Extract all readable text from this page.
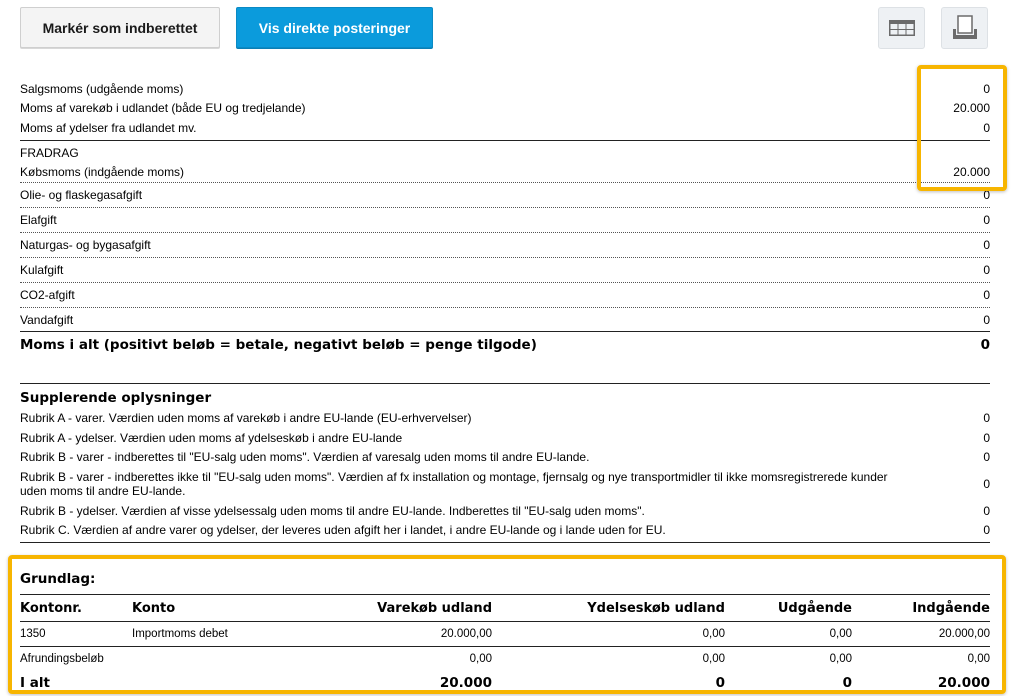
Markér som indberettet	Vis direkte posteringer
Salgsmoms (udgående moms)	0
Moms af varekøb i udlandet (både EU og tredjelande)	20.000
Moms af ydelser fra udlandet mv.	0
FRADRAG
Købsmoms (indgående moms)	20.000
Olie- og flaskegasafgift	0
Elafgift	0
Naturgas- og bygasafgift	0
Kulafgift	0
CO2-afgift	0
Vandafgift	0
Moms i alt (positivt beløb = betale, negativt beløb = penge tilgode)	0
Supplerende oplysninger
Rubrik A - varer. Værdien uden moms af varekøb i andre EU-lande (EU-erhvervelser)	0
Rubrik A - ydelser. Værdien uden moms af ydelseskøb i andre EU-lande	0
Rubrik B - varer - indberettes til "EU-salg uden moms". Værdien af varesalg uden moms til andre EU-lande.	0
Rubrik B - varer - indberettes ikke til "EU-salg uden moms". Værdien af fx installation og montage, fjernsalg og nye transportmidler til ikke momsregistrerede kunder uden moms til andre EU-lande.	0
Rubrik B - ydelser. Værdien af visse ydelsessalg uden moms til andre EU-lande. Indberettes til "EU-salg uden moms".	0
Rubrik C. Værdien af andre varer og ydelser, der leveres uden afgift her i landet, i andre EU-lande og i lande uden for EU.	0
Grundlag:
Kontonr.	Konto	Varekøb udland	Ydelseskøb udland	Udgående	Indgående
1350	Importmoms debet	20.000,00	0,00	0,00	20.000,00
Afrundingsbeløb		0,00	0,00	0,00	0,00
I alt		20.000	0	0	20.000
